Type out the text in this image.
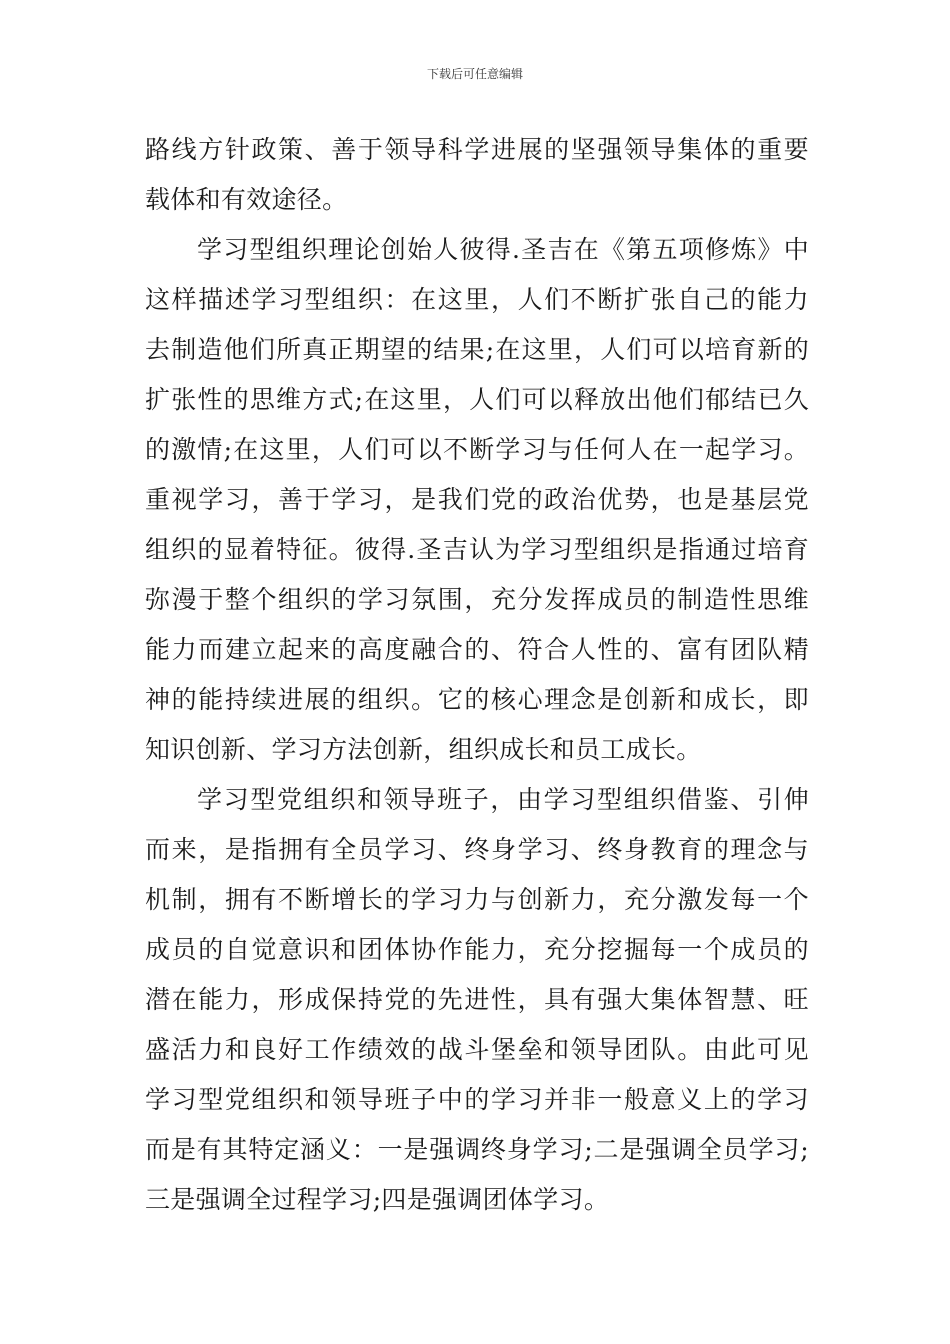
下载后可任意编辑
路线方针政策、善于领导科学进展的坚强领导集体的重要
载体和有效途径。
学习型组织理论创始人彼得.圣吉在《第五项修炼》中
这样描述学习型组织：在这里，人们不断扩张自己的能力
去制造他们所真正期望的结果;在这里，人们可以培育新的
扩张性的思维方式;在这里，人们可以释放出他们郁结已久
的激情;在这里，人们可以不断学习与任何人在一起学习。
重视学习，善于学习，是我们党的政治优势，也是基层党
组织的显着特征。彼得.圣吉认为学习型组织是指通过培育
弥漫于整个组织的学习氛围，充分发挥成员的制造性思维
能力而建立起来的高度融合的、符合人性的、富有团队精
神的能持续进展的组织。它的核心理念是创新和成长，即
知识创新、学习方法创新，组织成长和员工成长。
学习型党组织和领导班子，由学习型组织借鉴、引伸
而来，是指拥有全员学习、终身学习、终身教育的理念与
机制，拥有不断增长的学习力与创新力，充分激发每一个
成员的自觉意识和团体协作能力，充分挖掘每一个成员的
潜在能力，形成保持党的先进性，具有强大集体智慧、旺
盛活力和良好工作绩效的战斗堡垒和领导团队。由此可见
学习型党组织和领导班子中的学习并非一般意义上的学习
而是有其特定涵义：一是强调终身学习;二是强调全员学习;
三是强调全过程学习;四是强调团体学习。
